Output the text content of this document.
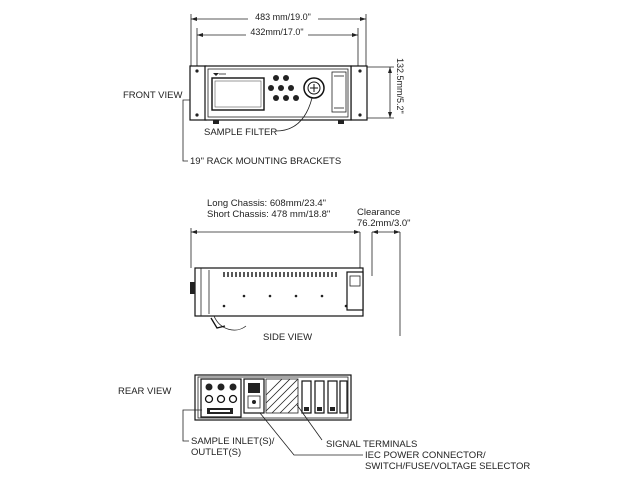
483 mm/19.0"
432mm/17.0"
132.5mm/5.2"
SAMPLE FILTER
19" RACK MOUNTING BRACKETS
FRONT VIEW
Long Chassis: 608mm/23.4"
Short Chassis: 478 mm/18.8"	Clearance
76.2mm/3.0"
SIDE VIEW
REAR VIEW
SAMPLE INLET(S)/
OUTLET(S)
SIGNAL TERMINALS
IEC POWER CONNECTOR/
SWITCH/FUSE/VOLTAGE SELECTOR
